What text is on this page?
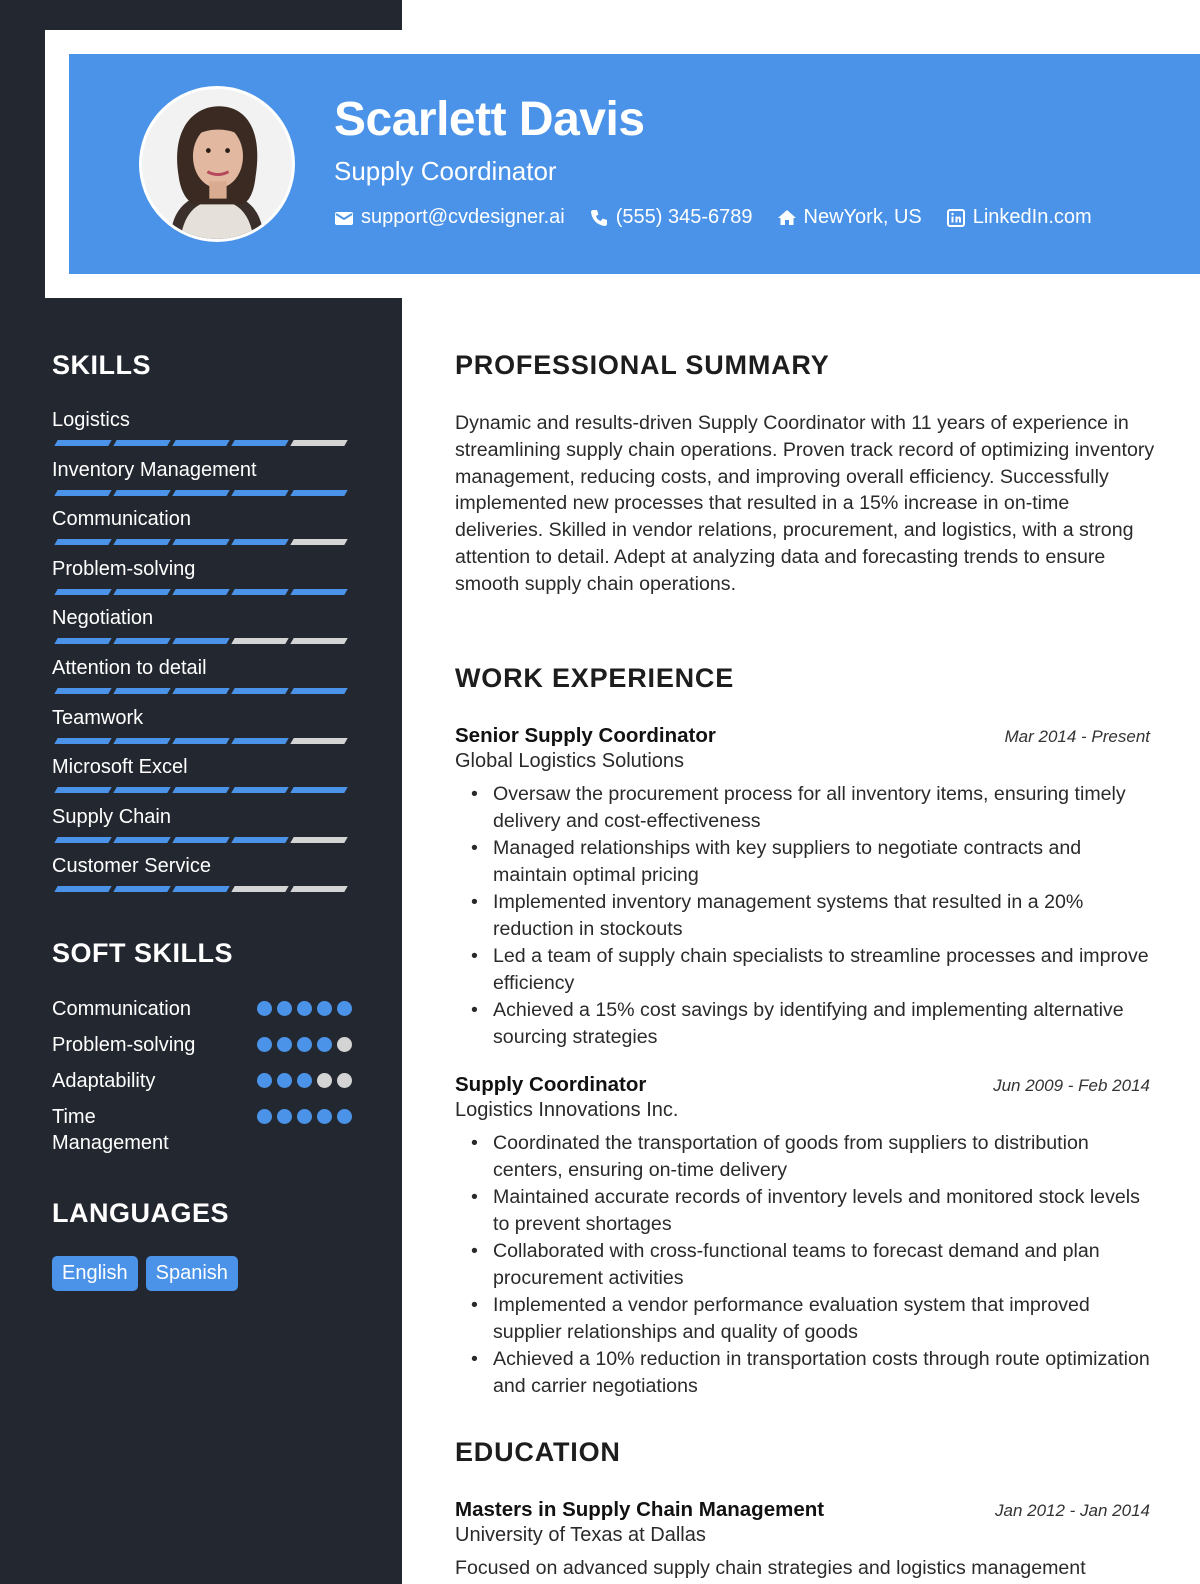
Scarlett Davis
Supply Coordinator
support@cvdesigner.ai	(555) 345-6789	NewYork, US	LinkedIn.com
SKILLS
Logistics
Inventory Management
Communication
Problem-solving
Negotiation
Attention to detail
Teamwork
Microsoft Excel
Supply Chain
Customer Service
SOFT SKILLS
Communication
Problem-solving
Adaptability
Time Management
LANGUAGES
English	Spanish
PROFESSIONAL SUMMARY
Dynamic and results-driven Supply Coordinator with 11 years of experience in streamlining supply chain operations. Proven track record of optimizing inventory management, reducing costs, and improving overall efficiency. Successfully implemented new processes that resulted in a 15% increase in on-time deliveries. Skilled in vendor relations, procurement, and logistics, with a strong attention to detail. Adept at analyzing data and forecasting trends to ensure smooth supply chain operations.
WORK EXPERIENCE
Senior Supply Coordinator	Mar 2014 - Present
Global Logistics Solutions
• Oversaw the procurement process for all inventory items, ensuring timely delivery and cost-effectiveness
• Managed relationships with key suppliers to negotiate contracts and maintain optimal pricing
• Implemented inventory management systems that resulted in a 20% reduction in stockouts
• Led a team of supply chain specialists to streamline processes and improve efficiency
• Achieved a 15% cost savings by identifying and implementing alternative sourcing strategies
Supply Coordinator	Jun 2009 - Feb 2014
Logistics Innovations Inc.
• Coordinated the transportation of goods from suppliers to distribution centers, ensuring on-time delivery
• Maintained accurate records of inventory levels and monitored stock levels to prevent shortages
• Collaborated with cross-functional teams to forecast demand and plan procurement activities
• Implemented a vendor performance evaluation system that improved supplier relationships and quality of goods
• Achieved a 10% reduction in transportation costs through route optimization and carrier negotiations
EDUCATION
Masters in Supply Chain Management	Jan 2012 - Jan 2014
University of Texas at Dallas
Focused on advanced supply chain strategies and logistics management
